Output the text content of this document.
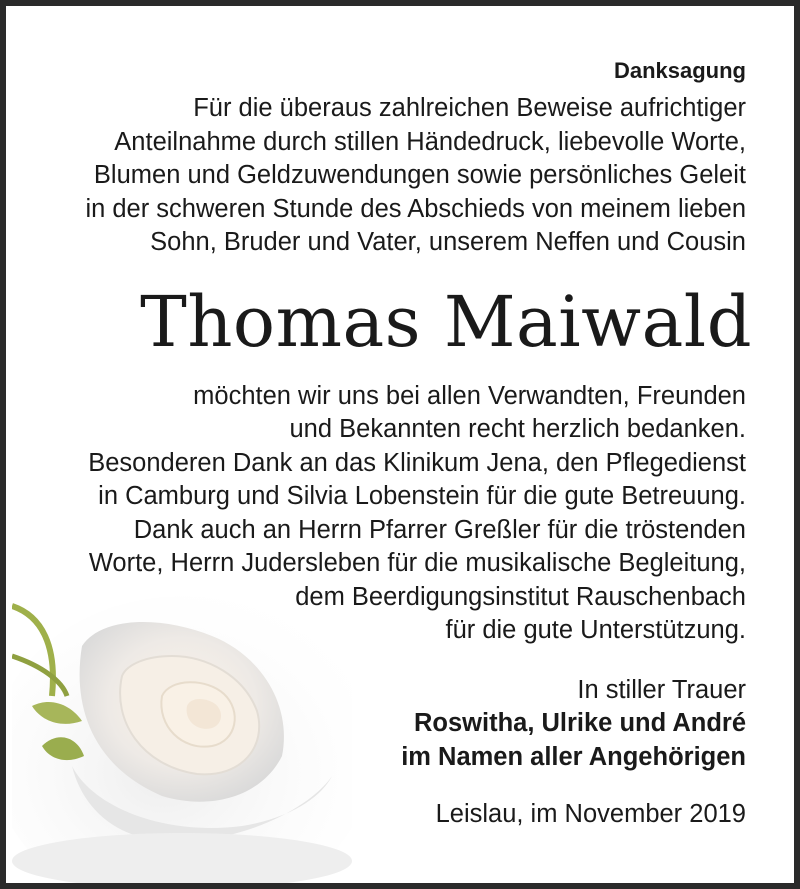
Danksagung
Für die überaus zahlreichen Beweise aufrichtiger
Anteilnahme durch stillen Händedruck, liebevolle Worte,
Blumen und Geldzuwendungen sowie persönliches Geleit
in der schweren Stunde des Abschieds von meinem lieben
Sohn, Bruder und Vater, unserem Neffen und Cousin
Thomas Maiwald
möchten wir uns bei allen Verwandten, Freunden
und Bekannten recht herzlich bedanken.
Besonderen Dank an das Klinikum Jena, den Pflegedienst
in Camburg und Silvia Lobenstein für die gute Betreuung.
Dank auch an Herrn Pfarrer Greßler für die tröstenden
Worte, Herrn Judersleben für die musikalische Begleitung,
dem Beerdigungsinstitut Rauschenbach
für die gute Unterstützung.
In stiller Trauer
Roswitha, Ulrike und André
im Namen aller Angehörigen
Leislau, im November 2019
